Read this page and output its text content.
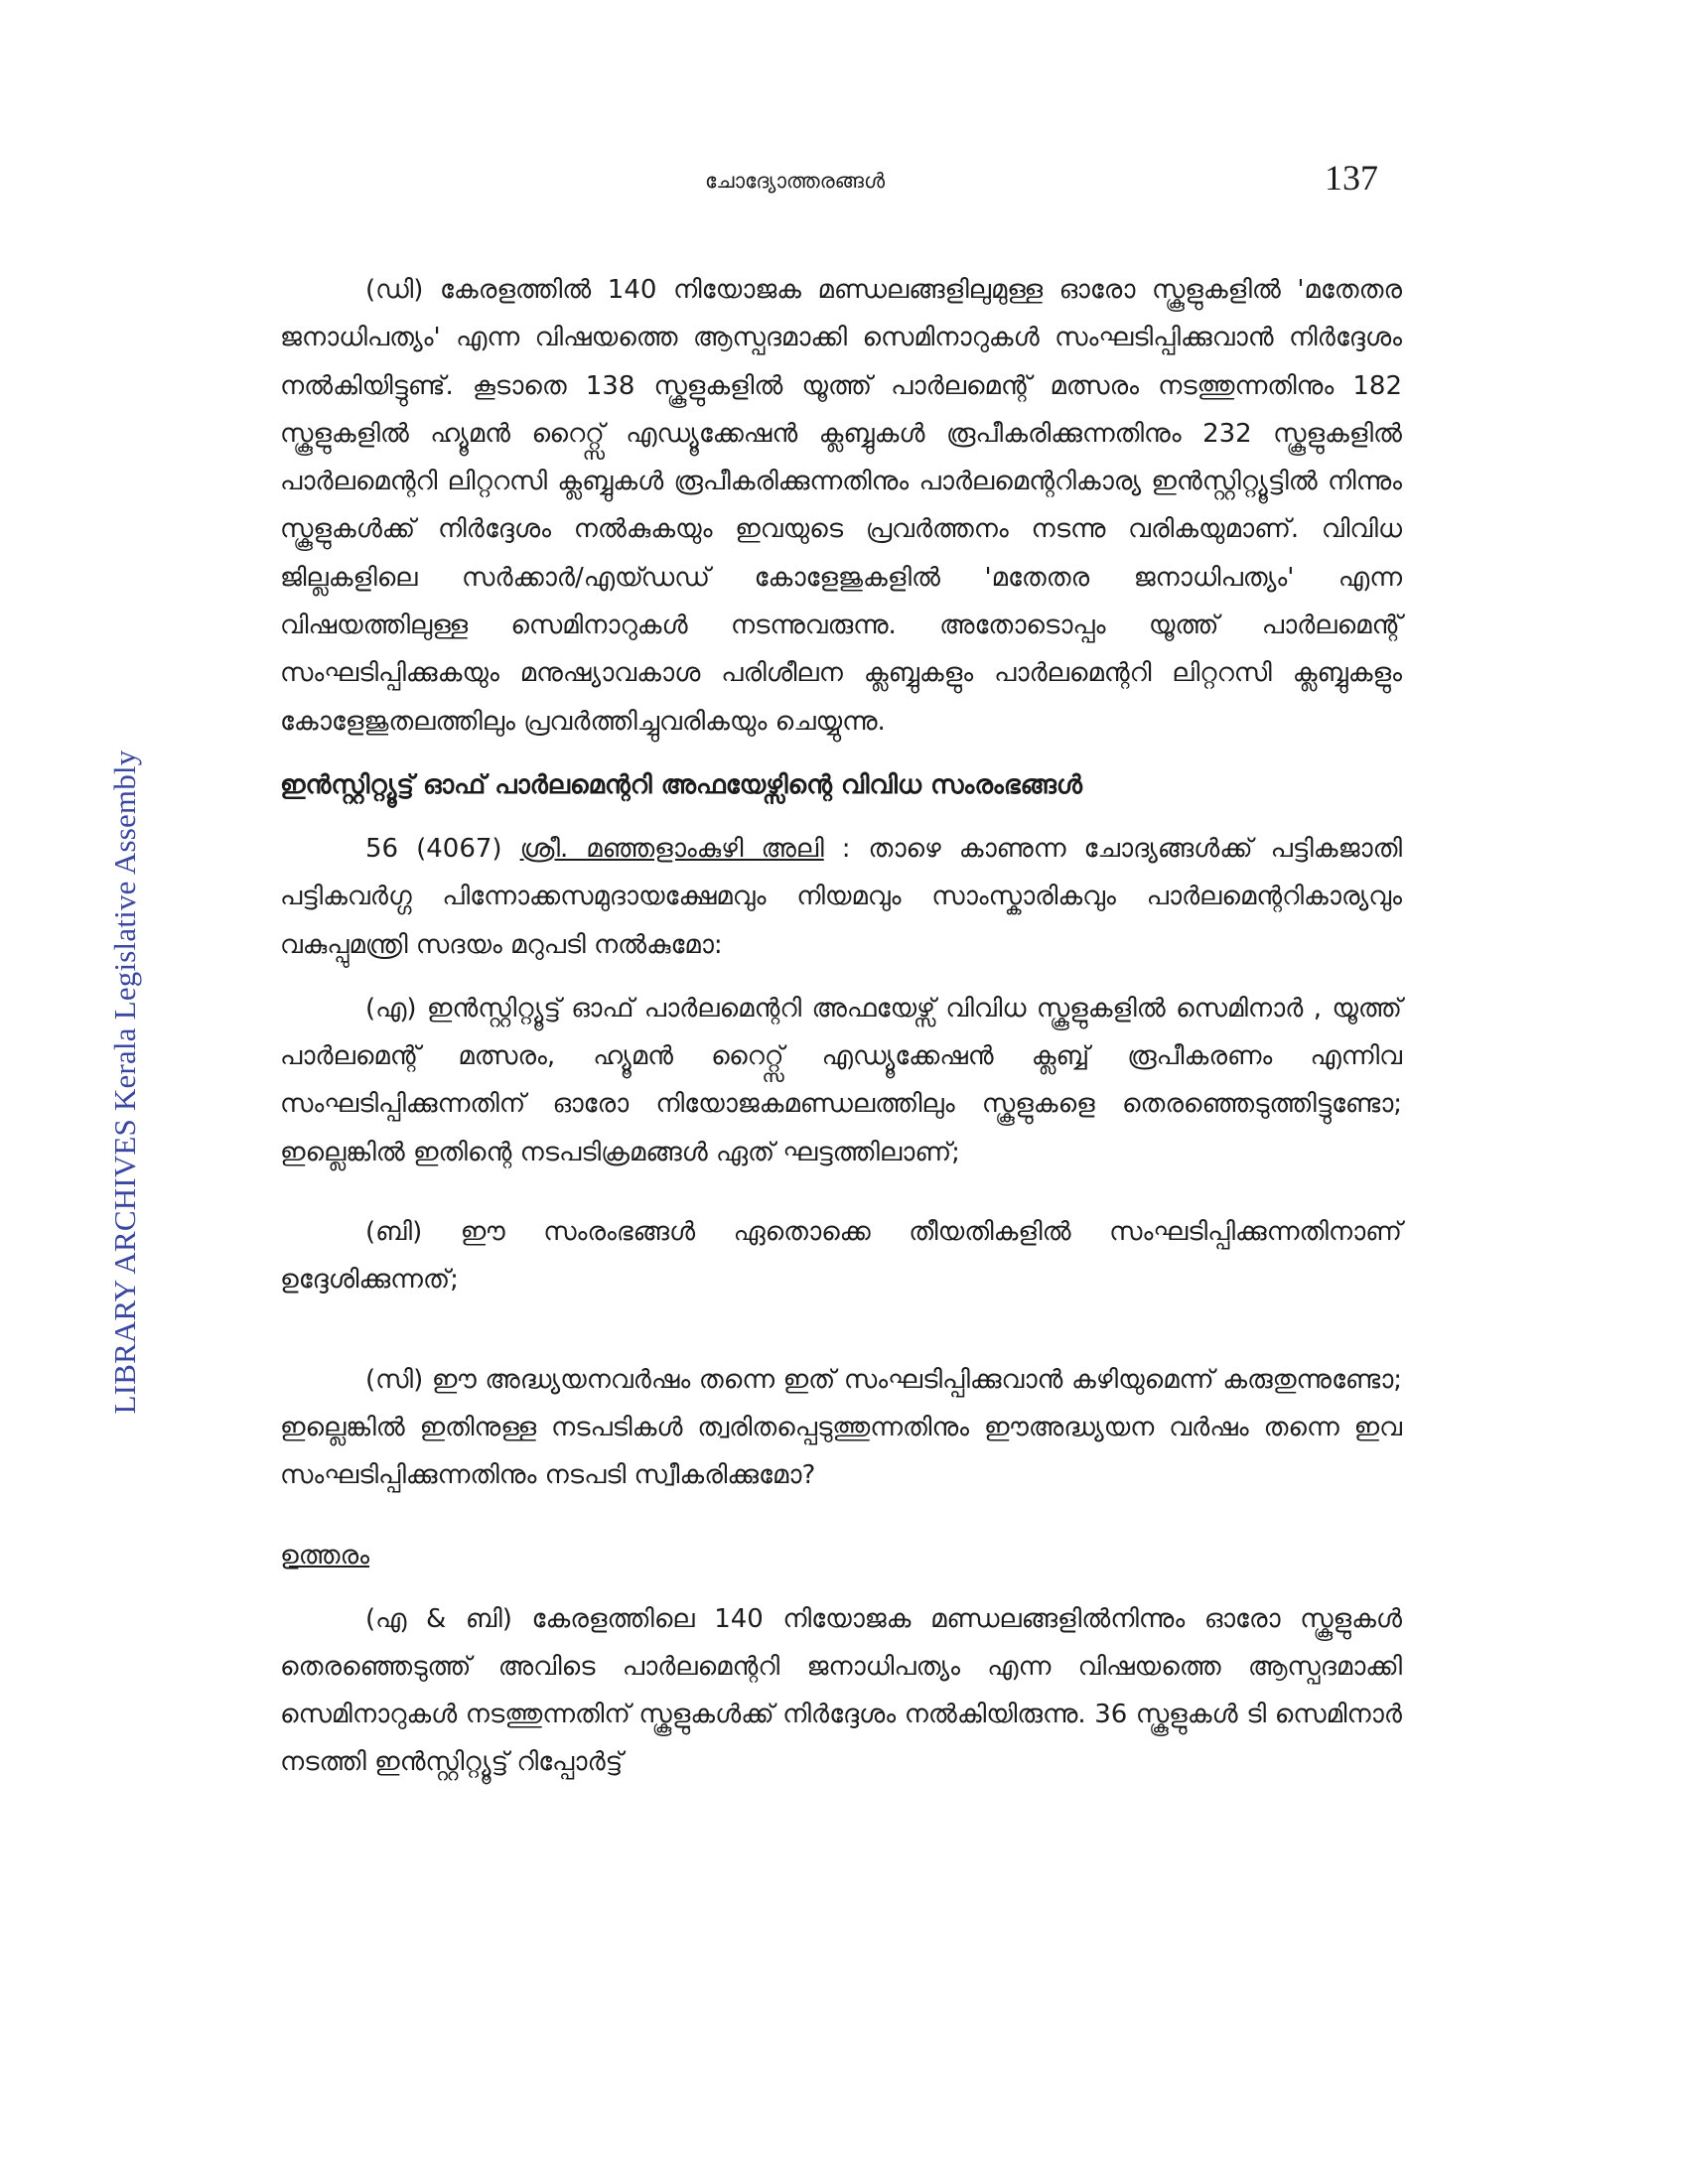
ചോദ്യോത്തരങ്ങൾ	137
LIBRARY ARCHIVES Kerala Legislative Assembly

(ഡി) കേരളത്തിൽ 140 നിയോജക മണ്ഡലങ്ങളിലുമുള്ള ഓരോ സ്കൂളുകളിൽ 'മതേതര ജനാധിപത്യം' എന്ന വിഷയത്തെ ആസ്പദമാക്കി സെമിനാറുകൾ സംഘടിപ്പിക്കുവാൻ നിർദ്ദേശം നൽകിയിട്ടുണ്ട്. കൂടാതെ 138 സ്കൂളുകളിൽ യൂത്ത് പാർലമെന്റ് മത്സരം നടത്തുന്നതിനും 182 സ്കൂളുകളിൽ ഹ്യൂമൻ റൈറ്റ്സ് എഡ്യൂക്കേഷൻ ക്ലബ്ബുകൾ രൂപീകരിക്കുന്നതിനും 232 സ്കൂളുകളിൽ പാർലമെന്ററി ലിറ്ററസി ക്ലബ്ബുകൾ രൂപീകരിക്കുന്നതിനും പാർലമെന്ററികാര്യ ഇൻസ്റ്റിറ്റ്യൂട്ടിൽ നിന്നും സ്കൂളുകൾക്ക് നിർദ്ദേശം നൽകുകയും ഇവയുടെ പ്രവർത്തനം നടന്നു വരികയുമാണ്. വിവിധ ജില്ലകളിലെ സർക്കാർ/എയ്ഡഡ് കോളേജുകളിൽ 'മതേതര ജനാധിപത്യം' എന്ന വിഷയത്തിലുള്ള സെമിനാറുകൾ നടന്നുവരുന്നു. അതോടൊപ്പം യൂത്ത് പാർലമെന്റ് സംഘടിപ്പിക്കുകയും മനുഷ്യാവകാശ പരിശീലന ക്ലബ്ബുകളും പാർലമെന്ററി ലിറ്ററസി ക്ലബ്ബുകളും കോളേജുതലത്തിലും പ്രവർത്തിച്ചുവരികയും ചെയ്യുന്നു.

ഇൻസ്റ്റിറ്റ്യൂട്ട് ഓഫ് പാർലമെന്ററി അഫയേഴ്സിന്റെ വിവിധ സംരംഭങ്ങൾ

56 (4067) ശ്രീ. മഞ്ഞളാംകുഴി അലി : താഴെ കാണുന്ന ചോദ്യങ്ങൾക്ക് പട്ടികജാതി പട്ടികവർഗ്ഗ പിന്നോക്കസമുദായക്ഷേമവും നിയമവും സാംസ്കാരികവും പാർലമെന്ററികാര്യവും വകുപ്പുമന്ത്രി സദയം മറുപടി നൽകുമോ:

(എ) ഇൻസ്റ്റിറ്റ്യൂട്ട് ഓഫ് പാർലമെന്ററി അഫയേഴ്സ് വിവിധ സ്കൂളുകളിൽ സെമിനാർ , യൂത്ത് പാർലമെന്റ് മത്സരം, ഹ്യൂമൻ റൈറ്റ്സ് എഡ്യൂക്കേഷൻ ക്ലബ്ബ് രൂപീകരണം എന്നിവ സംഘടിപ്പിക്കുന്നതിന് ഓരോ നിയോജകമണ്ഡലത്തിലും സ്കൂളുകളെ തെരഞ്ഞെടുത്തിട്ടുണ്ടോ; ഇല്ലെങ്കിൽ ഇതിന്റെ നടപടിക്രമങ്ങൾ ഏത് ഘട്ടത്തിലാണ്;

(ബി) ഈ സംരംഭങ്ങൾ ഏതൊക്കെ തീയതികളിൽ സംഘടിപ്പിക്കുന്നതിനാണ് ഉദ്ദേശിക്കുന്നത്;

(സി) ഈ അദ്ധ്യയനവർഷം തന്നെ ഇത് സംഘടിപ്പിക്കുവാൻ കഴിയുമെന്ന് കരുതുന്നുണ്ടോ; ഇല്ലെങ്കിൽ ഇതിനുള്ള നടപടികൾ ത്വരിതപ്പെടുത്തുന്നതിനും ഈഅദ്ധ്യയന വർഷം തന്നെ ഇവ സംഘടിപ്പിക്കുന്നതിനും നടപടി സ്വീകരിക്കുമോ?

ഉത്തരം

(എ & ബി) കേരളത്തിലെ 140 നിയോജക മണ്ഡലങ്ങളിൽനിന്നും ഓരോ സ്കൂളുകൾ തെരഞ്ഞെടുത്ത് അവിടെ പാർലമെന്ററി ജനാധിപത്യം എന്ന വിഷയത്തെ ആസ്പദമാക്കി സെമിനാറുകൾ നടത്തുന്നതിന് സ്കൂളുകൾക്ക് നിർദ്ദേശം നൽകിയിരുന്നു. 36 സ്കൂളുകൾ ടി സെമിനാർ നടത്തി ഇൻസ്റ്റിറ്റ്യൂട്ട് റിപ്പോർട്ട്
